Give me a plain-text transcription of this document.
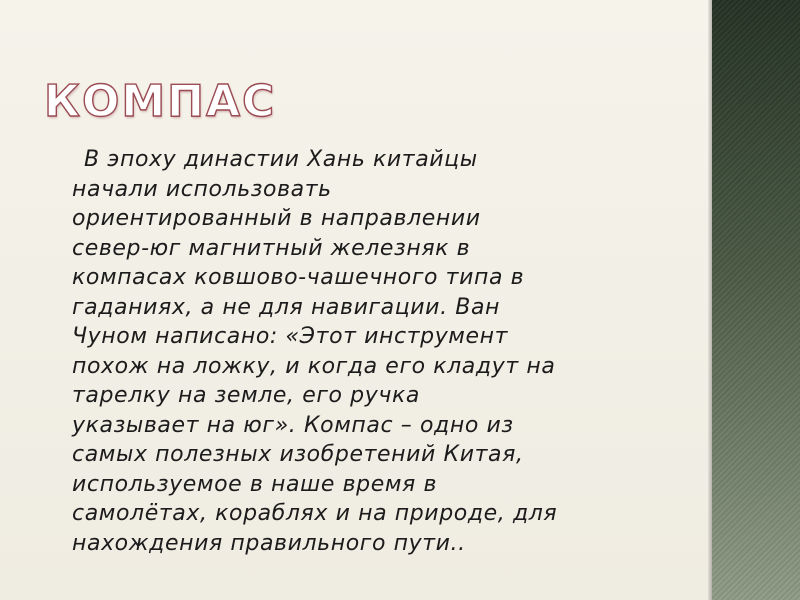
КОМПАС
В эпоху династии Хань китайцы
начали использовать
ориентированный в направлении
север-юг магнитный железняк в
компасах ковшово-чашечного типа в
гаданиях, а не для навигации. Ван
Чуном написано: «Этот инструмент
похож на ложку, и когда его кладут на
тарелку на земле, его ручка
указывает на юг». Компас – одно из
самых полезных изобретений Китая,
используемое в наше время в
самолётах, кораблях и на природе, для
нахождения правильного пути..
